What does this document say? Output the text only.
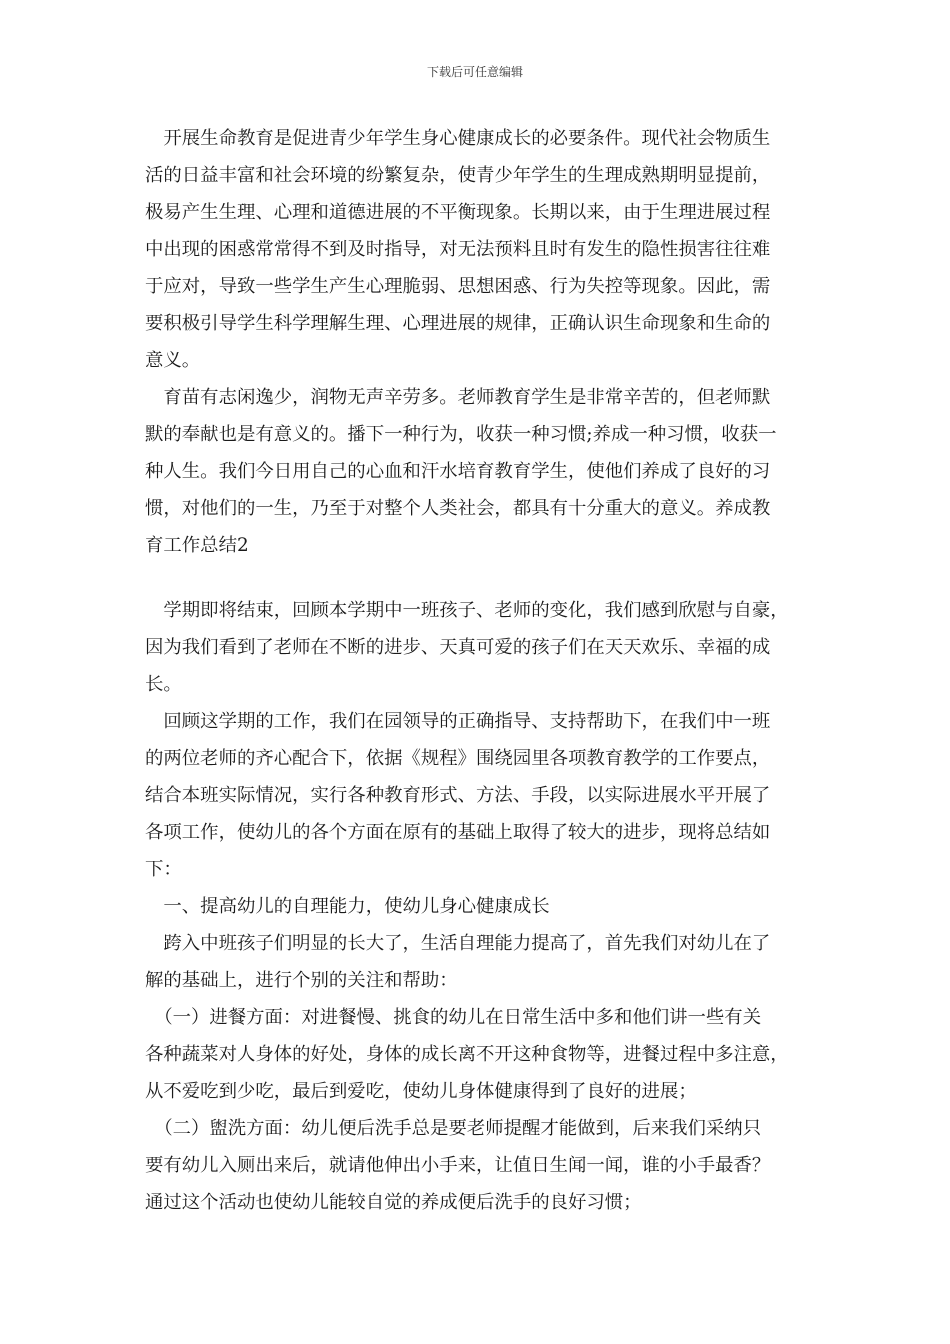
下载后可任意编辑
　开展生命教育是促进青少年学生身心健康成长的必要条件。现代社会物质生
活的日益丰富和社会环境的纷繁复杂，使青少年学生的生理成熟期明显提前，
极易产生生理、心理和道德进展的不平衡现象。长期以来，由于生理进展过程
中出现的困惑常常得不到及时指导，对无法预料且时有发生的隐性损害往往难
于应对，导致一些学生产生心理脆弱、思想困惑、行为失控等现象。因此，需
要积极引导学生科学理解生理、心理进展的规律，正确认识生命现象和生命的
意义。
　育苗有志闲逸少，润物无声辛劳多。老师教育学生是非常辛苦的，但老师默
默的奉献也是有意义的。播下一种行为，收获一种习惯;养成一种习惯，收获一
种人生。我们今日用自己的心血和汗水培育教育学生，使他们养成了良好的习
惯，对他们的一生，乃至于对整个人类社会，都具有十分重大的意义。养成教
育工作总结2
　学期即将结束，回顾本学期中一班孩子、老师的变化，我们感到欣慰与自豪，
因为我们看到了老师在不断的进步、天真可爱的孩子们在天天欢乐、幸福的成
长。
　回顾这学期的工作，我们在园领导的正确指导、支持帮助下，在我们中一班
的两位老师的齐心配合下，依据《规程》围绕园里各项教育教学的工作要点，
结合本班实际情况，实行各种教育形式、方法、手段，以实际进展水平开展了
各项工作，使幼儿的各个方面在原有的基础上取得了较大的进步，现将总结如
下：
　一、提高幼儿的自理能力，使幼儿身心健康成长
　跨入中班孩子们明显的长大了，生活自理能力提高了，首先我们对幼儿在了
解的基础上，进行个别的关注和帮助：
　（一）进餐方面：对进餐慢、挑食的幼儿在日常生活中多和他们讲一些有关
各种蔬菜对人身体的好处，身体的成长离不开这种食物等，进餐过程中多注意，
从不爱吃到少吃，最后到爱吃，使幼儿身体健康得到了良好的进展；
　（二）盥洗方面：幼儿便后洗手总是要老师提醒才能做到，后来我们采纳只
要有幼儿入厕出来后，就请他伸出小手来，让值日生闻一闻，谁的小手最香？
通过这个活动也使幼儿能较自觉的养成便后洗手的良好习惯；
